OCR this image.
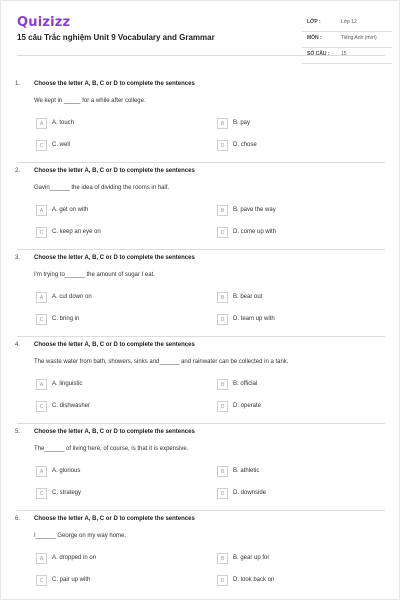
Quizizz
15 câu Trắc nghiệm Unit 9 Vocabulary and Grammar
LỚP :	Lớp 12
MÔN :	Tiếng Anh (mới)
SỐ CÂU : 15
1. Choose the letter A, B, C or D to complete the sentences
We kept in _____ for a while after college.
A	A. touch	B	B. pay
C	C. well	D	D. chose
2. Choose the letter A, B, C or D to complete the sentences
Gavin______ the idea of dividing the rooms in half.
A	A. get on with	B	B. pave the way
C	C. keep an eye on	D	D. come up with
3. Choose the letter A, B, C or D to complete the sentences
I'm trying to______ the amount of sugar I eat.
A	A. cut down on	B	B. bear out
C	C. bring in	D	D. team up with
4. Choose the letter A, B, C or D to complete the sentences
The waste water from bath, showers, sinks and______ and rainwater can be collected in a tank.
A	A. linguistic	B	B. official
C	C. dishwasher	D	D. operate
5. Choose the letter A, B, C or D to complete the sentences
The______ of living here, of course, is that it is expensive.
A	A. glorious	B	B. athletic
C	C. strategy	D	D. downside
6. Choose the letter A, B, C or D to complete the sentences
I______ George on my way home.
A	A. dropped in on	B	B. gear up for
C	C. pair up with	D	D. look back on
